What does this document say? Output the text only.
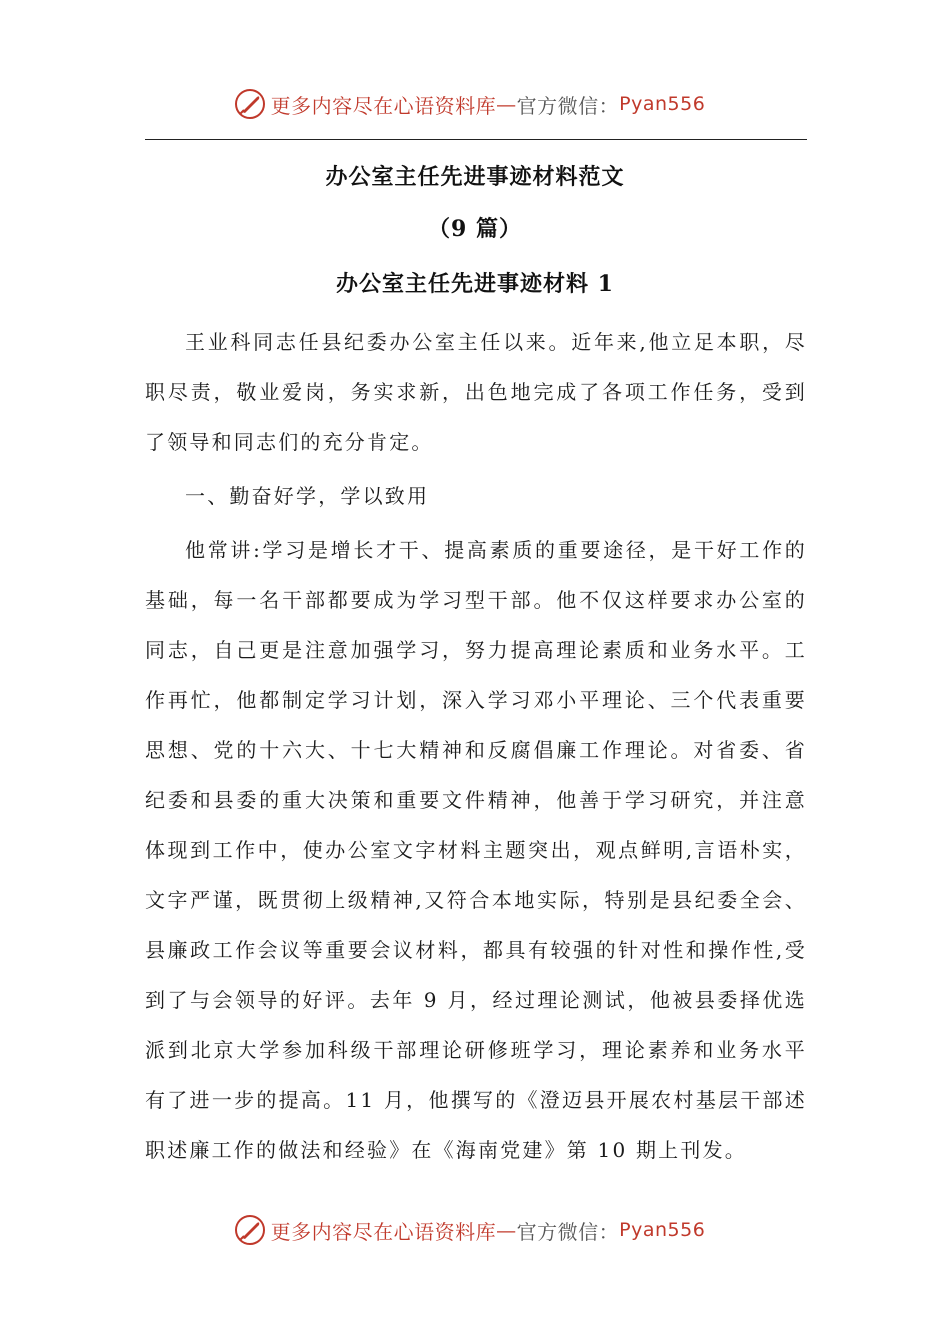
更多内容尽在心语资料库 — 官方微信： Pyan556
办公室主任先进事迹材料范文
（9 篇）
办公室主任先进事迹材料 1

王业科同志任县纪委办公室主任以来。近年来,他立足本职，尽职尽责，敬业爱岗，务实求新，出色地完成了各项工作任务，受到了领导和同志们的充分肯定。

一、勤奋好学，学以致用

他常讲:学习是增长才干、提高素质的重要途径，是干好工作的基础，每一名干部都要成为学习型干部。他不仅这样要求办公室的同志，自己更是注意加强学习，努力提高理论素质和业务水平。工作再忙，他都制定学习计划，深入学习邓小平理论、三个代表重要思想、党的十六大、十七大精神和反腐倡廉工作理论。对省委、省纪委和县委的重大决策和重要文件精神，他善于学习研究，并注意体现到工作中，使办公室文字材料主题突出，观点鲜明,言语朴实，文字严谨，既贯彻上级精神,又符合本地实际，特别是县纪委全会、县廉政工作会议等重要会议材料，都具有较强的针对性和操作性,受到了与会领导的好评。去年 9 月，经过理论测试，他被县委择优选派到北京大学参加科级干部理论研修班学习，理论素养和业务水平有了进一步的提高。11 月，他撰写的《澄迈县开展农村基层干部述职述廉工作的做法和经验》在《海南党建》第 10 期上刊发。

更多内容尽在心语资料库 — 官方微信： Pyan556
